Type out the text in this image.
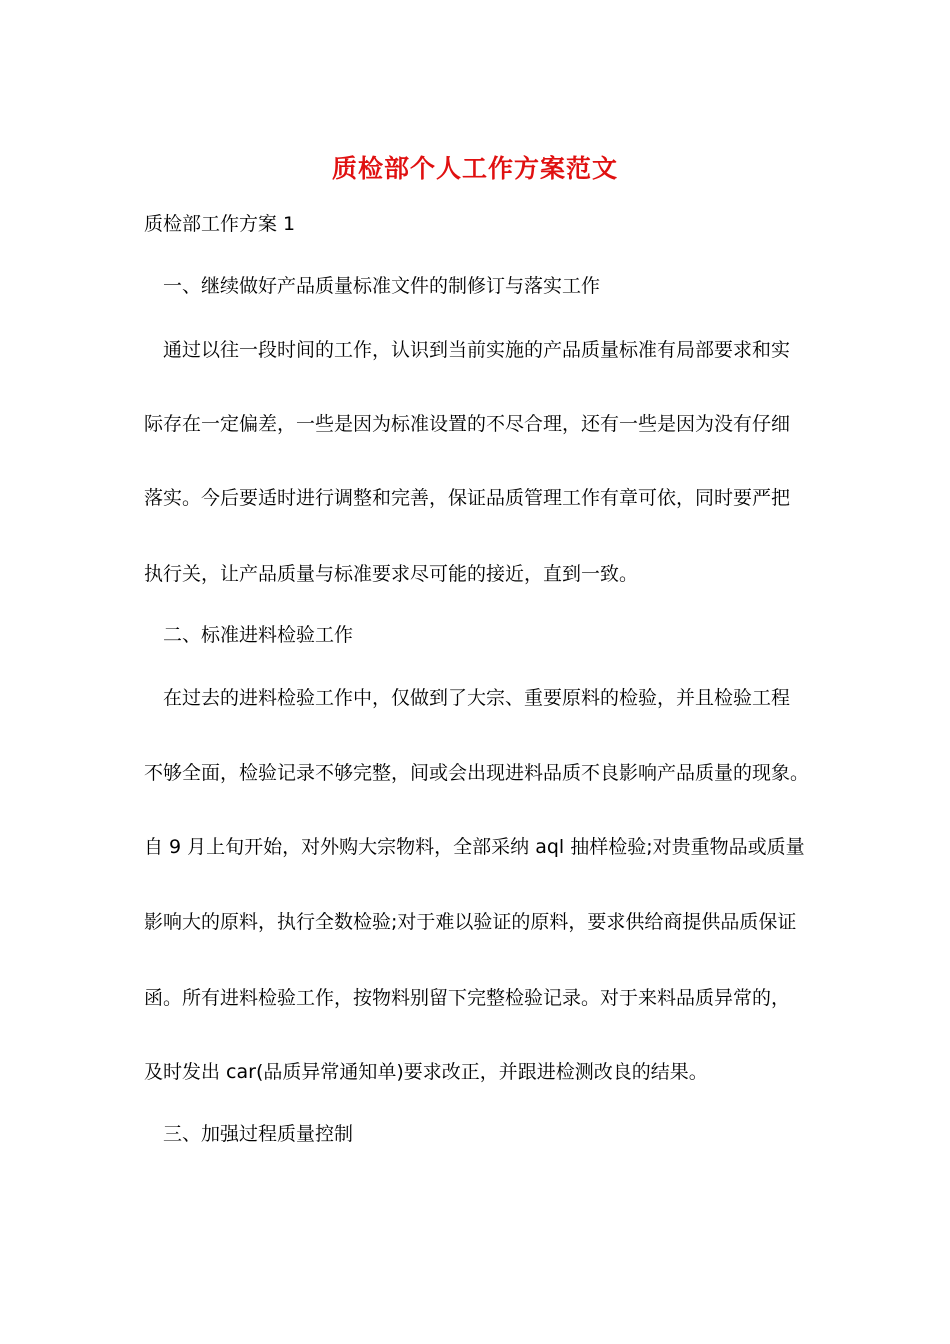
质检部个人工作方案范文
质检部工作方案 1
一、继续做好产品质量标准文件的制修订与落实工作
通过以往一段时间的工作，认识到当前实施的产品质量标准有局部要求和实
际存在一定偏差，一些是因为标准设置的不尽合理，还有一些是因为没有仔细
落实。今后要适时进行调整和完善，保证品质管理工作有章可依，同时要严把
执行关，让产品质量与标准要求尽可能的接近，直到一致。
二、标准进料检验工作
在过去的进料检验工作中，仅做到了大宗、重要原料的检验，并且检验工程
不够全面，检验记录不够完整，间或会出现进料品质不良影响产品质量的现象。
自 9 月上旬开始，对外购大宗物料，全部采纳 aql 抽样检验;对贵重物品或质量
影响大的原料，执行全数检验;对于难以验证的原料，要求供给商提供品质保证
函。所有进料检验工作，按物料别留下完整检验记录。对于来料品质异常的，
及时发出 car(品质异常通知单)要求改正，并跟进检测改良的结果。
三、加强过程质量控制
